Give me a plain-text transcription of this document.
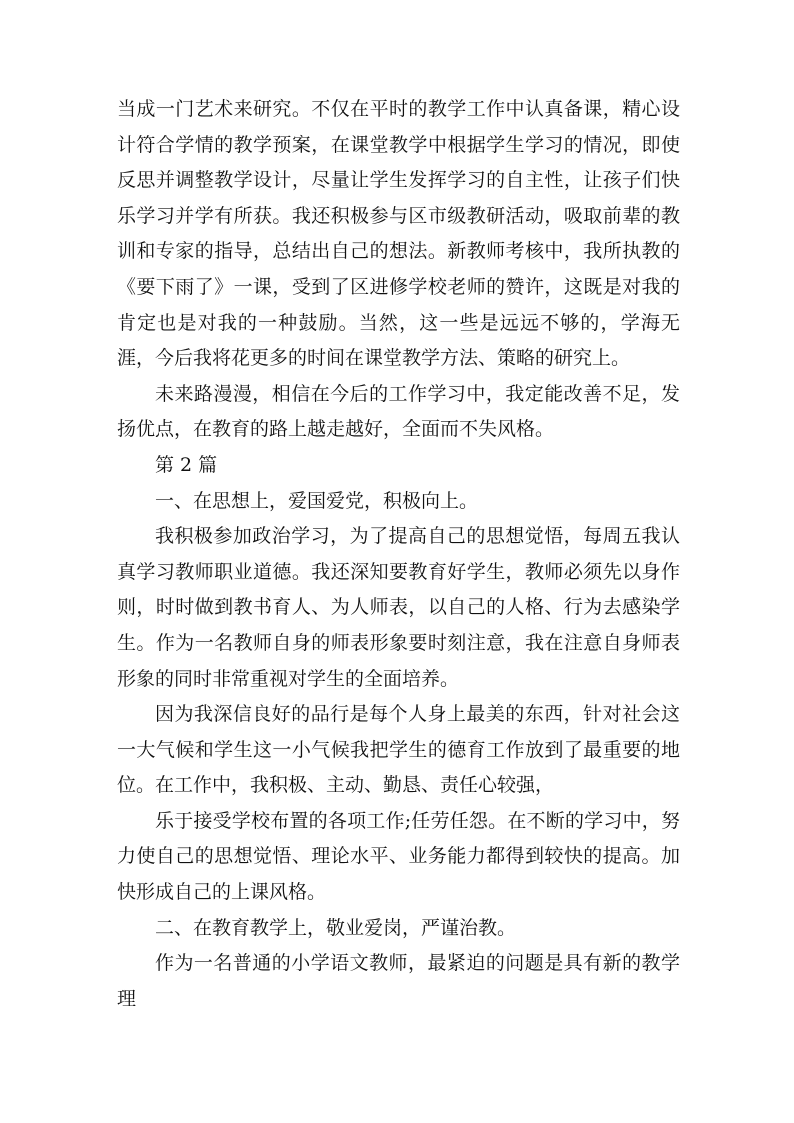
当成一门艺术来研究。不仅在平时的教学工作中认真备课，精心设计符合学情的教学预案，在课堂教学中根据学生学习的情况，即使反思并调整教学设计，尽量让学生发挥学习的自主性，让孩子们快乐学习并学有所获。我还积极参与区市级教研活动，吸取前辈的教训和专家的指导，总结出自己的想法。新教师考核中，我所执教的《要下雨了》一课，受到了区进修学校老师的赞许，这既是对我的肯定也是对我的一种鼓励。当然，这一些是远远不够的，学海无涯，今后我将花更多的时间在课堂教学方法、策略的研究上。

未来路漫漫，相信在今后的工作学习中，我定能改善不足，发扬优点，在教育的路上越走越好，全面而不失风格。

第 2 篇

一、在思想上，爱国爱党，积极向上。

我积极参加政治学习，为了提高自己的思想觉悟，每周五我认真学习教师职业道德。我还深知要教育好学生，教师必须先以身作则，时时做到教书育人、为人师表，以自己的人格、行为去感染学生。作为一名教师自身的师表形象要时刻注意，我在注意自身师表形象的同时非常重视对学生的全面培养。

因为我深信良好的品行是每个人身上最美的东西，针对社会这一大气候和学生这一小气候我把学生的德育工作放到了最重要的地位。在工作中，我积极、主动、勤恳、责任心较强，

乐于接受学校布置的各项工作;任劳任怨。在不断的学习中，努力使自己的思想觉悟、理论水平、业务能力都得到较快的提高。加快形成自己的上课风格。

二、在教育教学上，敬业爱岗，严谨治教。

作为一名普通的小学语文教师，最紧迫的问题是具有新的教学理
